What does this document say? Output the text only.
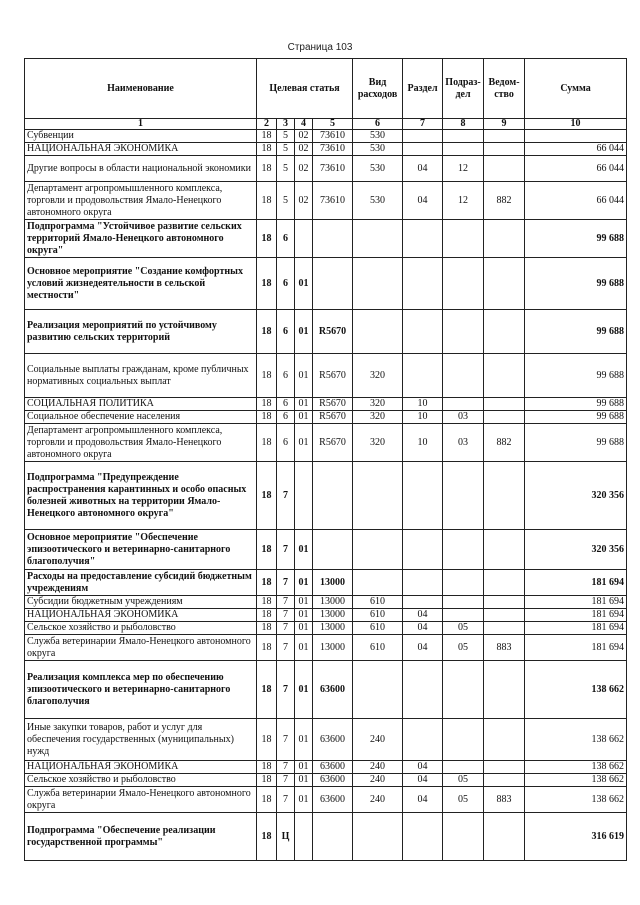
Страница 103
Наименование	Целевая статья				Вид расходов	Раздел	Подраз-дел	Ведом-ство	Сумма
1	2	3	4	5	6	7	8	9	10
Субвенции	18	5	02	73610	530				
НАЦИОНАЛЬНАЯ ЭКОНОМИКА	18	5	02	73610	530				66 044
Другие вопросы в области национальной экономики	18	5	02	73610	530	04	12		66 044
Департамент агропромышленного комплекса, торговли и продовольствия Ямало-Ненецкого автономного округа	18	5	02	73610	530	04	12	882	66 044
Подпрограмма "Устойчивое развитие сельских территорий Ямало-Ненецкого автономного округа"	18	6							99 688
Основное мероприятие "Создание комфортных условий жизнедеятельности в сельской местности"	18	6	01						99 688
Реализация мероприятий по устойчивому развитию сельских территорий	18	6	01	R5670					99 688
Социальные выплаты гражданам, кроме публичных нормативных социальных выплат	18	6	01	R5670	320				99 688
СОЦИАЛЬНАЯ ПОЛИТИКА	18	6	01	R5670	320	10			99 688
Социальное обеспечение населения	18	6	01	R5670	320	10	03		99 688
Департамент агропромышленного комплекса, торговли и продовольствия Ямало-Ненецкого автономного округа	18	6	01	R5670	320	10	03	882	99 688
Подпрограмма "Предупреждение распространения карантинных и особо опасных болезней животных на территории Ямало-Ненецкого автономного округа"	18	7							320 356
Основное мероприятие "Обеспечение эпизоотического и ветеринарно-санитарного благополучия"	18	7	01						320 356
Расходы на предоставление субсидий бюджетным учреждениям	18	7	01	13000					181 694
Субсидии бюджетным учреждениям	18	7	01	13000	610				181 694
НАЦИОНАЛЬНАЯ ЭКОНОМИКА	18	7	01	13000	610	04			181 694
Сельское хозяйство и рыболовство	18	7	01	13000	610	04	05		181 694
Служба ветеринарии Ямало-Ненецкого автономного округа	18	7	01	13000	610	04	05	883	181 694
Реализация комплекса мер по обеспечению эпизоотического и ветеринарно-санитарного благополучия	18	7	01	63600					138 662
Иные закупки товаров, работ и услуг для обеспечения государственных (муниципальных) нужд	18	7	01	63600	240				138 662
НАЦИОНАЛЬНАЯ ЭКОНОМИКА	18	7	01	63600	240	04			138 662
Сельское хозяйство и рыболовство	18	7	01	63600	240	04	05		138 662
Служба ветеринарии Ямало-Ненецкого автономного округа	18	7	01	63600	240	04	05	883	138 662
Подпрограмма "Обеспечение реализации государственной программы"	18	Ц							316 619
